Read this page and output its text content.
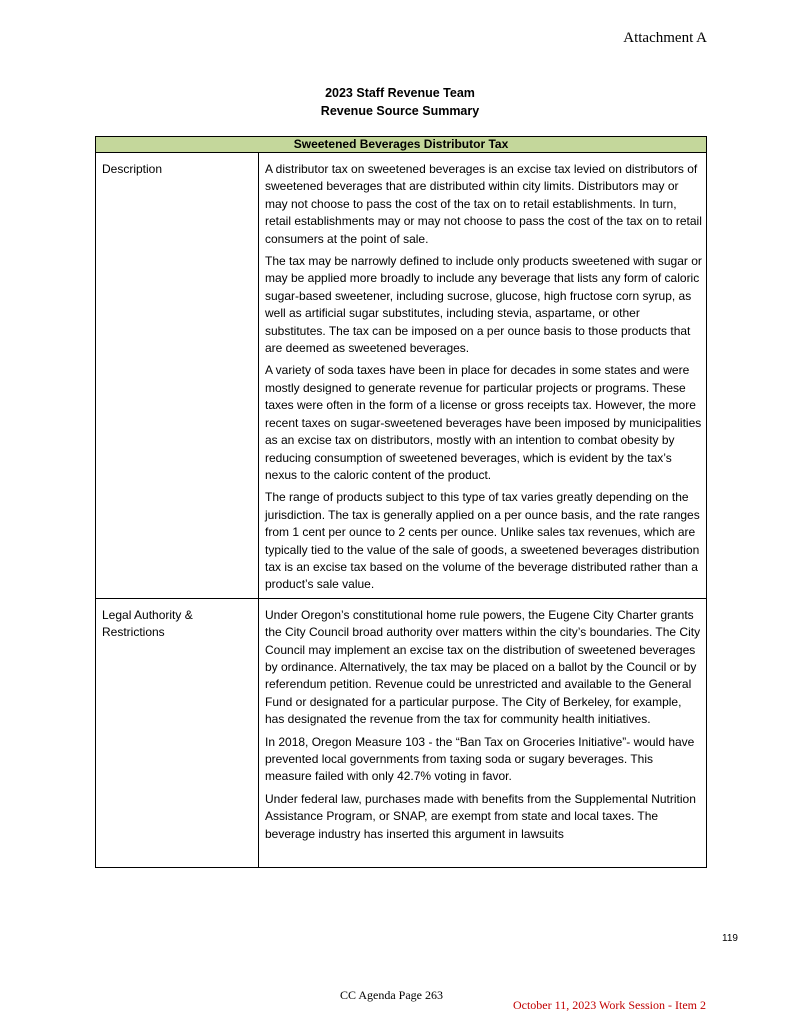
Attachment A
2023 Staff Revenue Team
Revenue Source Summary
Sweetened Beverages Distributor Tax	
Description	A distributor tax on sweetened beverages is an excise tax levied on distributors of sweetened beverages that are distributed within city limits. Distributors may or may not choose to pass the cost of the tax on to retail establishments. In turn, retail establishments may or may not choose to pass the cost of the tax on to retail consumers at the point of sale.

The tax may be narrowly defined to include only products sweetened with sugar or may be applied more broadly to include any beverage that lists any form of caloric sugar-based sweetener, including sucrose, glucose, high fructose corn syrup, as well as artificial sugar substitutes, including stevia, aspartame, or other substitutes. The tax can be imposed on a per ounce basis to those products that are deemed as sweetened beverages.

A variety of soda taxes have been in place for decades in some states and were mostly designed to generate revenue for particular projects or programs. These taxes were often in the form of a license or gross receipts tax. However, the more recent taxes on sugar-sweetened beverages have been imposed by municipalities as an excise tax on distributors, mostly with an intention to combat obesity by reducing consumption of sweetened beverages, which is evident by the tax’s nexus to the caloric content of the product.

The range of products subject to this type of tax varies greatly depending on the jurisdiction. The tax is generally applied on a per ounce basis, and the rate ranges from 1 cent per ounce to 2 cents per ounce. Unlike sales tax revenues, which are typically tied to the value of the sale of goods, a sweetened beverages distribution tax is an excise tax based on the volume of the beverage distributed rather than a product’s sale value.

Legal Authority & Restrictions	Under Oregon’s constitutional home rule powers, the Eugene City Charter grants the City Council broad authority over matters within the city’s boundaries. The City Council may implement an excise tax on the distribution of sweetened beverages by ordinance. Alternatively, the tax may be placed on a ballot by the Council or by referendum petition. Revenue could be unrestricted and available to the General Fund or designated for a particular purpose. The City of Berkeley, for example, has designated the revenue from the tax for community health initiatives.

In 2018, Oregon Measure 103 - the “Ban Tax on Groceries Initiative”- would have prevented local governments from taxing soda or sugary beverages. This measure failed with only 42.7% voting in favor.

Under federal law, purchases made with benefits from the Supplemental Nutrition Assistance Program, or SNAP, are exempt from state and local taxes. The beverage industry has inserted this argument in lawsuits

119
CC Agenda Page 263
October 11, 2023 Work Session - Item 2
